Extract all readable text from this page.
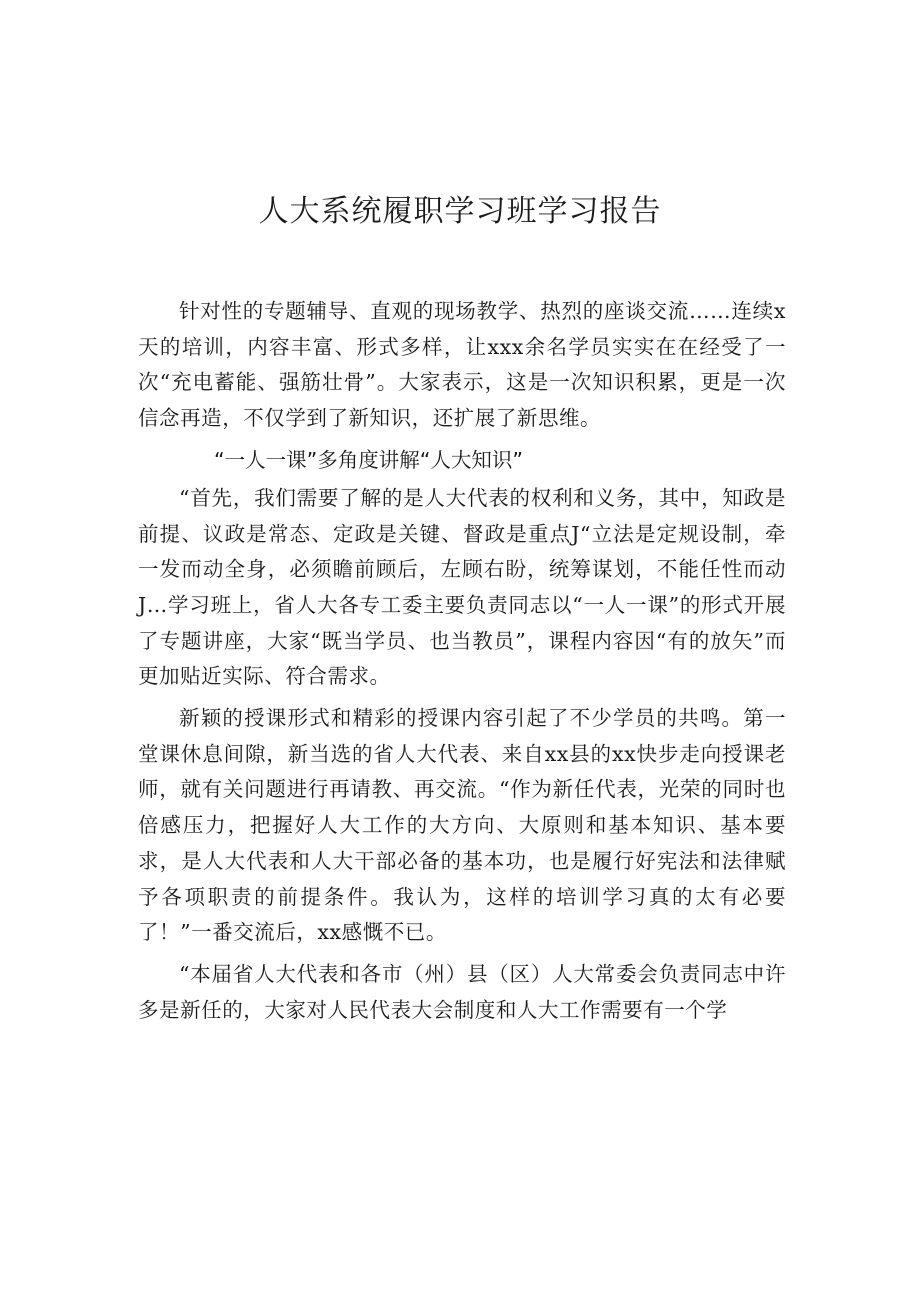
人大系统履职学习班学习报告

针对性的专题辅导、直观的现场教学、热烈的座谈交流……连续x天的培训，内容丰富、形式多样，让xxx余名学员实实在在经受了一次“充电蓄能、强筋壮骨”。大家表示，这是一次知识积累，更是一次信念再造，不仅学到了新知识，还扩展了新思维。

“一人一课”多角度讲解“人大知识”

“首先，我们需要了解的是人大代表的权利和义务，其中，知政是前提、议政是常态、定政是关键、督政是重点J“立法是定规设制，牵一发而动全身，必须瞻前顾后，左顾右盼，统筹谋划，不能任性而动J…学习班上，省人大各专工委主要负责同志以“一人一课”的形式开展了专题讲座，大家“既当学员、也当教员”，课程内容因“有的放矢”而更加贴近实际、符合需求。

新颖的授课形式和精彩的授课内容引起了不少学员的共鸣。第一堂课休息间隙，新当选的省人大代表、来自xx县的xx快步走向授课老师，就有关问题进行再请教、再交流。“作为新任代表，光荣的同时也倍感压力，把握好人大工作的大方向、大原则和基本知识、基本要求，是人大代表和人大干部必备的基本功，也是履行好宪法和法律赋予各项职责的前提条件。我认为，这样的培训学习真的太有必要了！”一番交流后，xx感慨不已。

“本届省人大代表和各市（州）县（区）人大常委会负责同志中许多是新任的，大家对人民代表大会制度和人大工作需要有一个学
